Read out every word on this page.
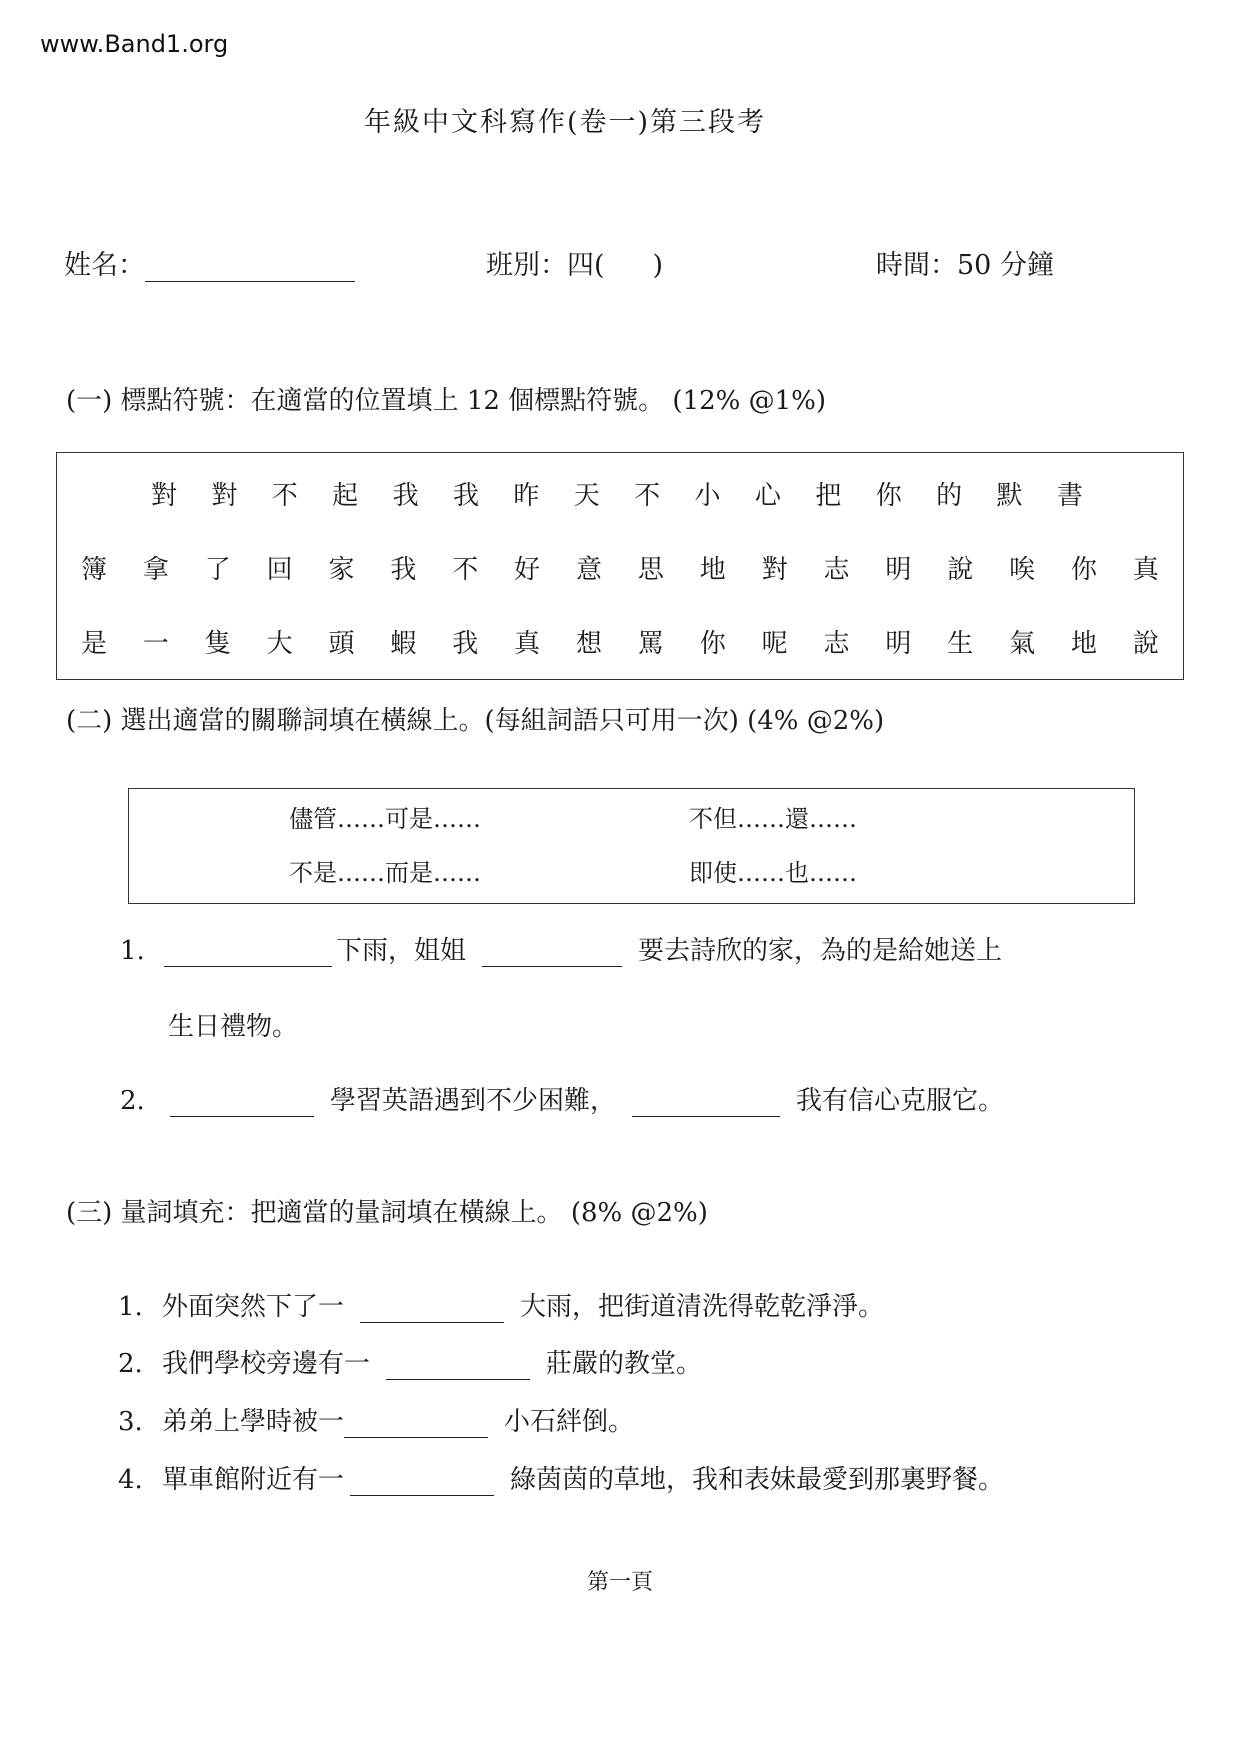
www.Band1.org
年級中文科寫作(卷一)第三段考
姓名：	班別：四( )	時間：50 分鐘
(一) 標點符號：在適當的位置填上 12 個標點符號。 (12% @1%)
對 對 不 起 我 我 昨 天 不 小 心 把 你 的 默 書
簿 拿 了 回 家 我 不 好 意 思 地 對 志 明 說 唉 你 真
是 一 隻 大 頭 蝦 我 真 想 罵 你 呢 志 明 生 氣 地 說
(二) 選出適當的關聯詞填在橫線上。(每組詞語只可用一次) (4% @2%)
儘管……可是……	不但……還……
不是……而是……	即使……也……
1.	下雨，姐姐	要去詩欣的家，為的是給她送上
生日禮物。
2.	學習英語遇到不少困難，	我有信心克服它。
(三) 量詞填充：把適當的量詞填在橫線上。 (8% @2%)
1. 外面突然下了一	大雨，把街道清洗得乾乾淨淨。
2. 我們學校旁邊有一	莊嚴的教堂。
3. 弟弟上學時被一	小石絆倒。
4. 單車館附近有一	綠茵茵的草地，我和表妹最愛到那裏野餐。
第一頁
